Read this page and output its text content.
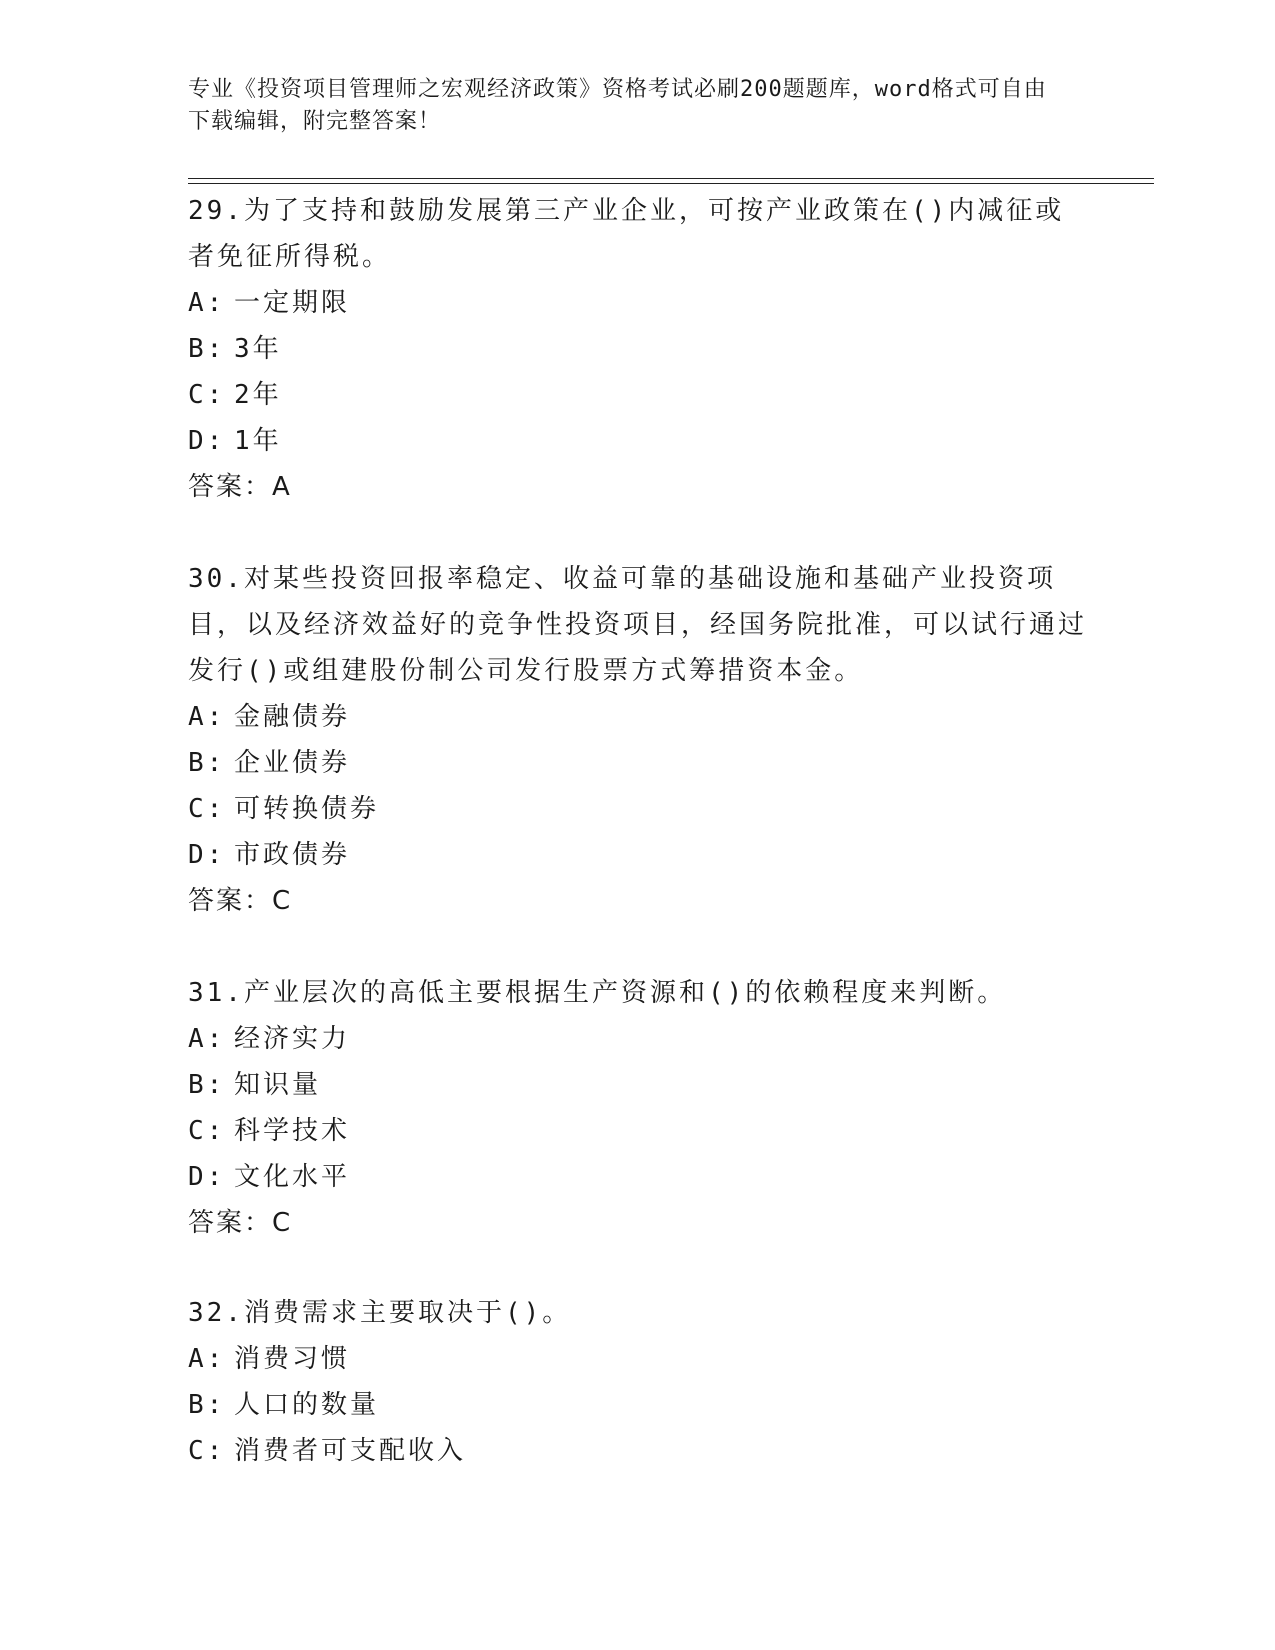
专业《投资项目管理师之宏观经济政策》资格考试必刷200题题库，word格式可自由下载编辑，附完整答案！

29.为了支持和鼓励发展第三产业企业，可按产业政策在()内减征或者免征所得税。

A: 一定期限

B: 3年

C: 2年

D: 1年

答案：A

30.对某些投资回报率稳定、收益可靠的基础设施和基础产业投资项目，以及经济效益好的竞争性投资项目，经国务院批准，可以试行通过发行()或组建股份制公司发行股票方式筹措资本金。

A: 金融债券

B: 企业债券

C: 可转换债券

D: 市政债券

答案：C

31.产业层次的高低主要根据生产资源和()的依赖程度来判断。

A: 经济实力

B: 知识量

C: 科学技术

D: 文化水平

答案：C

32.消费需求主要取决于()。

A: 消费习惯

B: 人口的数量

C: 消费者可支配收入
